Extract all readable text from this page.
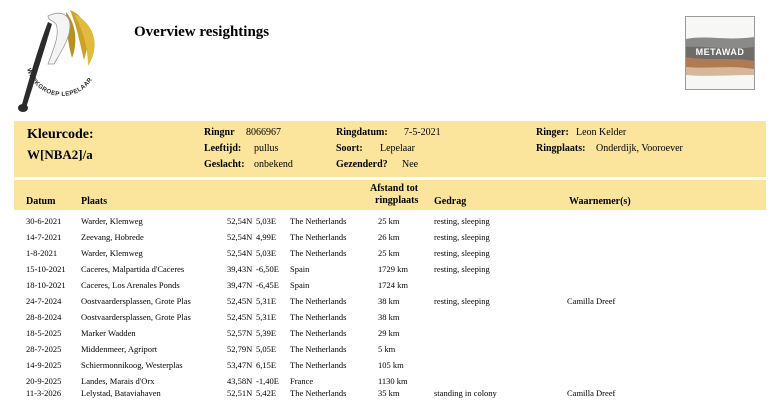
WERKGROEP LEPELAAR
Overview resightings
METAWAD
Kleurcode:
W[NBA2]/a
Ringnr 8066967
Leeftijd: pullus
Geslacht: onbekend
Ringdatum: 7-5-2021
Soort: Lepelaar
Gezenderd? Nee
Ringer: Leon Kelder
Ringplaats: Onderdijk, Vooroever
Datum	Plaats
Afstand tot
ringplaats Gedrag	Waarnemer(s)
30-6-2021 Warder, Klemweg	52,54N 5,03E The Netherlands	25 km	resting, sleeping
14-7-2021 Zeevang, Hobrede	52,54N 4,99E The Netherlands	26 km	resting, sleeping
1-8-2021	Warder, Klemweg	52,54N 5,03E The Netherlands	25 km	resting, sleeping
15-10-2021 Caceres, Malpartida d'Caceres	39,43N -6,50E Spain	1729 km	resting, sleeping
18-10-2021 Caceres, Los Arenales Ponds	39,47N -6,45E Spain	1724 km
24-7-2024 Oostvaardersplassen, Grote Plas	52,45N 5,31E The Netherlands	38 km	resting, sleeping	Camilla Dreef
28-8-2024 Oostvaardersplassen, Grote Plas	52,45N 5,31E The Netherlands	38 km
18-5-2025 Marker Wadden	52,57N 5,39E The Netherlands	29 km
28-7-2025 Middenmeer, Agriport	52,79N 5,05E The Netherlands	5 km
14-9-2025 Schiermonnikoog, Westerplas	53,47N 6,15E The Netherlands	105 km
20-9-2025 Landes, Marais d'Orx	43,58N -1,40E France	1130 km
11-3-2026 Lelystad, Bataviahaven	52,51N 5,42E The Netherlands	35 km	standing in colony	Camilla Dreef
